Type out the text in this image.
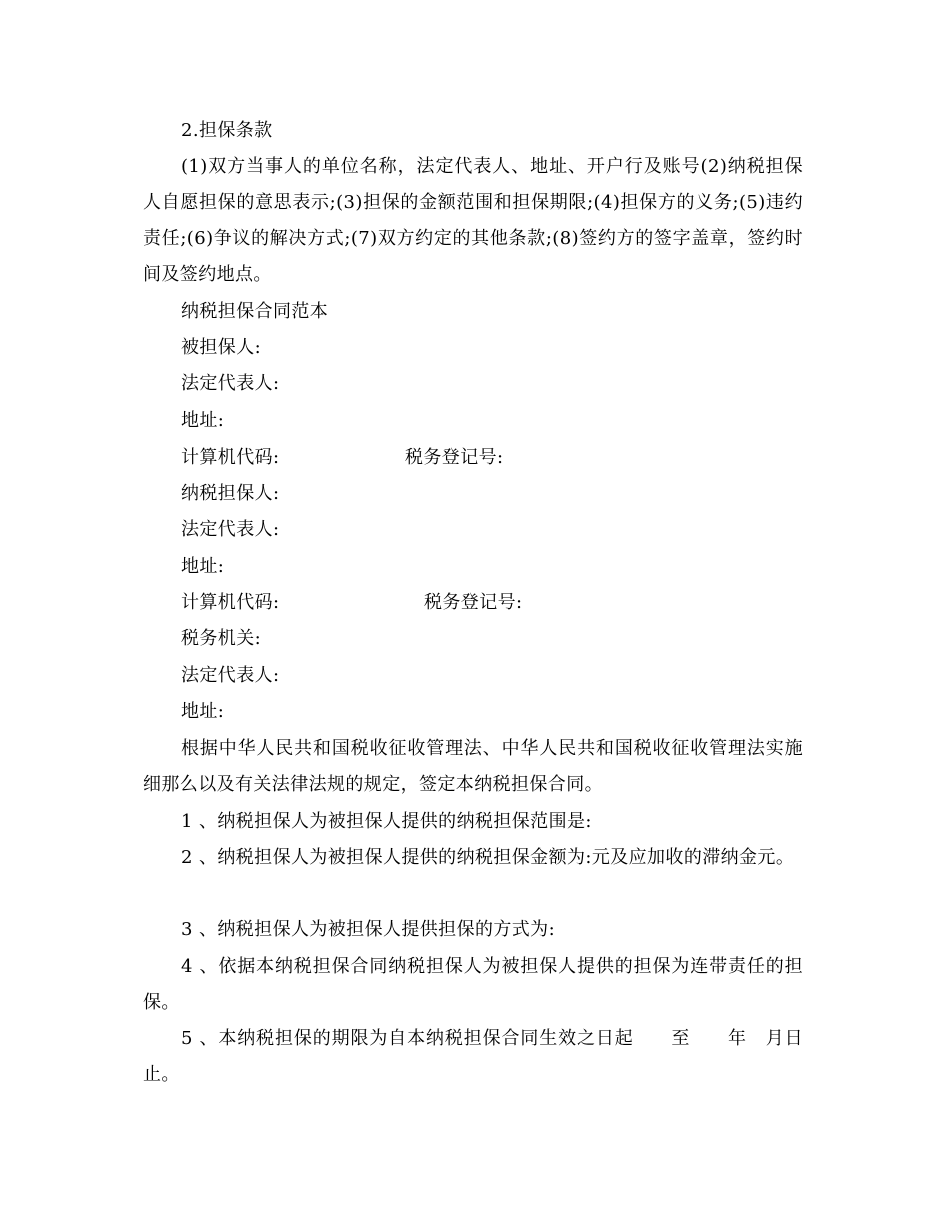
2.担保条款
(1)双方当事人的单位名称，法定代表人、地址、开户行及账号(2)纳税担保人自愿担保的意思表示;(3)担保的金额范围和担保期限;(4)担保方的义务;(5)违约责任;(6)争议的解决方式;(7)双方约定的其他条款;(8)签约方的签字盖章，签约时间及签约地点。
纳税担保合同范本
被担保人:
法定代表人:
地址:
计算机代码:	税务登记号:
纳税担保人:
法定代表人:
地址:
计算机代码:	税务登记号:
税务机关:
法定代表人:
地址:
根据中华人民共和国税收征收管理法、中华人民共和国税收征收管理法实施细那么以及有关法律法规的规定，签定本纳税担保合同。
1 、纳税担保人为被担保人提供的纳税担保范围是:
2 、纳税担保人为被担保人提供的纳税担保金额为:元及应加收的滞纳金元。
3 、纳税担保人为被担保人提供担保的方式为:
4 、依据本纳税担保合同纳税担保人为被担保人提供的担保为连带责任的担保。
5 、本纳税担保的期限为自本纳税担保合同生效之日起　　至　　年　月日止。
